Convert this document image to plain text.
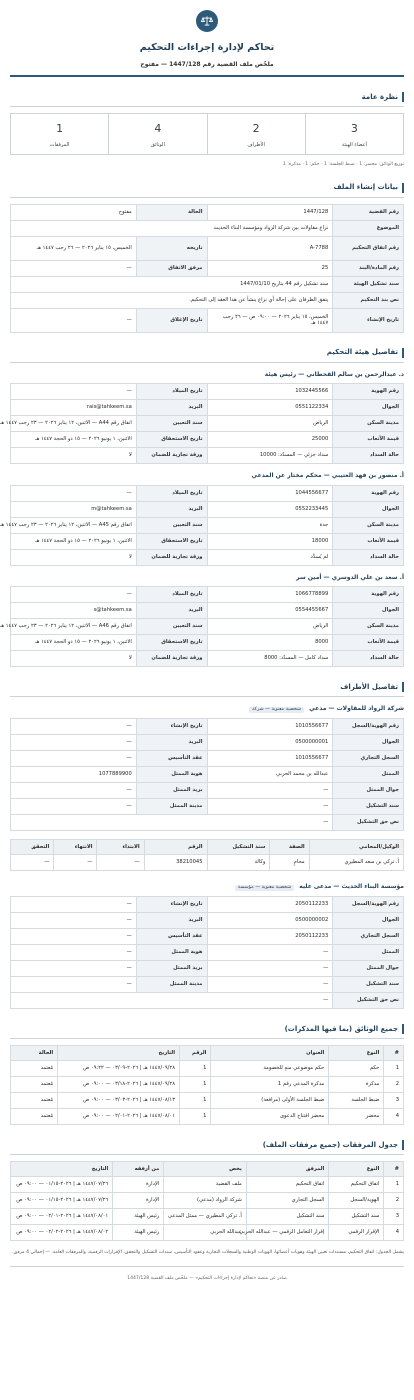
تحاكم لإدارة إجراءات التحكيم
ملخّص ملف القضية رقم 1447/128 — مفتوح
نظرة عامة
3
أعضاء الهيئة
2
الأطراف
4
الوثائق
1
المرفقات
توزيع الوثائق: محضر: 1 · ضبط الجلسة: 1 · حكم: 1 · مذكرة: 1
بيانات إنشاء الملف
رقم القضية	1447/128	الحالة	مفتوح
الموضوع	نزاع مقاولات بين شركة الرواد ومؤسسة البناء الحديث		
رقم اتفاق التحكيم	A-7788	تاريخه	الخميس، ١٥ يناير ٢٠٢٦ — ٢٦ رجب ١٤٤٧ هـ
رقم المادة/البند	25	مرفق الاتفاق	—
سند تشكيل الهيئة	سند تشكيل رقم 44 بتاريخ 1447/01/10		
نص بند التحكيم	يتفق الطرفان على إحالة أي نزاع ينشأ عن هذا العقد إلى التحكيم.		
تاريخ الإنشاء	الخميس، ١٥ يناير ٢٠٢٦ — ٠٩:٠٠ ص — ٢٦ رجب ١٤٤٧ هـ	تاريخ الإغلاق	—
تفاصيل هيئة التحكيم
د. عبدالرحمن بن سالم القحطاني — رئيس هيئة
رقم الهوية	1032445566	تاريخ الميلاد	—
الجوال	0551122334	البريد	rais@tahkeem.sa
مدينة السكن	الرياض	سند التعيين	اتفاق رقم A44 — الاثنين، ١٢ يناير ٢٠٢٦ — ٢٣ رجب ١٤٤٧ هـ
قيمة الأتعاب	25000	تاريخ الاستحقاق	الاثنين، ١ يونيو ٢٠٢٦ — ١٥ ذو الحجة ١٤٤٧ هـ
حالة السداد	سداد جزئي — المسدّد: 10000	ورقة تجارية للضمان	لا
أ. منصور بن فهد العتيبي — محكم مختار عن المدعي
رقم الهوية	1044556677	تاريخ الميلاد	—
الجوال	0552233445	البريد	m@tahkeem.sa
مدينة السكن	جدة	سند التعيين	اتفاق رقم A45 — الاثنين، ١٢ يناير ٢٠٢٦ — ٢٣ رجب ١٤٤٧ هـ
قيمة الأتعاب	18000	تاريخ الاستحقاق	الاثنين، ١ يونيو ٢٠٢٦ — ١٥ ذو الحجة ١٤٤٧ هـ
حالة السداد	لم يُسدَّد	ورقة تجارية للضمان	لا
أ. سعد بن علي الدوسري — أمين سر
رقم الهوية	1066778899	تاريخ الميلاد	—
الجوال	0554455667	البريد	s@tahkeem.sa
مدينة السكن	الرياض	سند التعيين	اتفاق رقم A46 — الاثنين، ١٢ يناير ٢٠٢٦ — ٢٣ رجب ١٤٤٧ هـ
قيمة الأتعاب	8000	تاريخ الاستحقاق	الاثنين، ١ يونيو ٢٠٢٦ — ١٥ ذو الحجة ١٤٤٧ هـ
حالة السداد	سداد كامل — المسدّد: 8000	ورقة تجارية للضمان	لا
تفاصيل الأطراف
شركة الرواد للمقاولات — مدعي شخصية معنوية — شركة
رقم الهوية/السجل	1010556677	تاريخ الإنشاء	—
الجوال	0500000001	البريد	—
السجل التجاري	1010556677	عقد التأسيس	—
الممثل	عبدالله بن محمد الحربي	هوية الممثل	1077889900
جوال الممثل	—	بريد الممثل	—
سند التشكيل	—	مدينة الممثل	—
نص حق التشكيل	—		
الوكيل/المحامي	الصفة	سند التشكيل	الرقم	الابتداء	الانتهاء	التحقق
أ. تركي بن سعد المطيري	محامٍ	وكالة	38210045	—	—	—
مؤسسة البناء الحديث — مدعى عليه شخصية معنوية — مؤسسة
رقم الهوية/السجل	2050112233	تاريخ الإنشاء	—
الجوال	0500000002	البريد	—
السجل التجاري	2050112233	عقد التأسيس	—
الممثل	—	هوية الممثل	—
جوال الممثل	—	بريد الممثل	—
سند التشكيل	—	مدينة الممثل	—
نص حق التشكيل	—		
جميع الوثائق (بما فيها المذكرات)
#	النوع	العنوان	الرقم	التاريخ	الحالة
1	حكم	حكم موضوعي منهٍ للخصومة	1	١٤٤٧/٠٩/٢٨ هـ | ٢٠٢٦-٠٣/٠٩ — ٠٩:٢٢ ص	مُعتمد
2	مذكرة	مذكرة المدعي رقم 1	1	١٤٤٧/٠٩/٢٨ هـ | ٢٠٢٦-٠٣/١٨ — ٠٩:٠٠ ص	مُعتمد
3	ضبط الجلسة	ضبط الجلسة الأولى (مرافعة)	1	١٤٤٧/٠٨/١٣ هـ | ٢٠٢٦-٠٣/٠٣ — ٠٩:٠٠ ص	مُعتمد
4	محضر	محضر افتتاح الدعوى	1	١٤٤٧/٠٨/٠١ هـ | ٢٠٢٦-٠٢/٠١ — ٠٩:٠٠ ص	مُعتمد
جدول المرفقات (جميع مرفقات الملف)
#	النوع	المرفق	يخص	من أرفقه	التاريخ
1	اتفاق التحكيم	اتفاق التحكيم	ملف القضية	الإدارة	١٤٤٧/٠٧/٢٦ هـ | ٢٠٢٦-٠١/١٥ — ٠٩:٠٠ ص
2	الهوية/السجل	السجل التجاري	شركة الرواد (مدعي)	الإدارة	١٤٤٧/٠٧/٢٦ هـ | ٢٠٢٦-٠١/١٥ — ٠٩:٠٠ ص
3	سند التشكيل	سند التشكيل	أ. تركي المطيري — ممثل المدعي	رئيس الهيئة	١٤٤٧/٠٨/٠١ هـ | ٢٠٢٦-٠٢/٠١ — ٠٩:٠٠ ص
4	الإقرار الرقمي	إقرار التعامل الرقمي — عبدالله الحربي	عبدالله الحربي	رئيس الهيئة	١٤٤٧/٠٨/٠٢ هـ | ٢٠٢٦-٠٢/٠٢ — ٠٩:٠٠ ص
يشمل الجدول: اتفاق التحكيم، مستندات تعيين الهيئة وهويات أعضائها، الهويات الوطنية والسجلات التجارية وعقود التأسيس، سندات التشكيل والتحقق، الإقرارات الرقمية، والمرفقات العامة. — إجمالي 4 مرفق.
صادر عن منصة «تحاكم لإدارة إجراءات التحكيم» — ملخّص ملف القضية 1447/128
